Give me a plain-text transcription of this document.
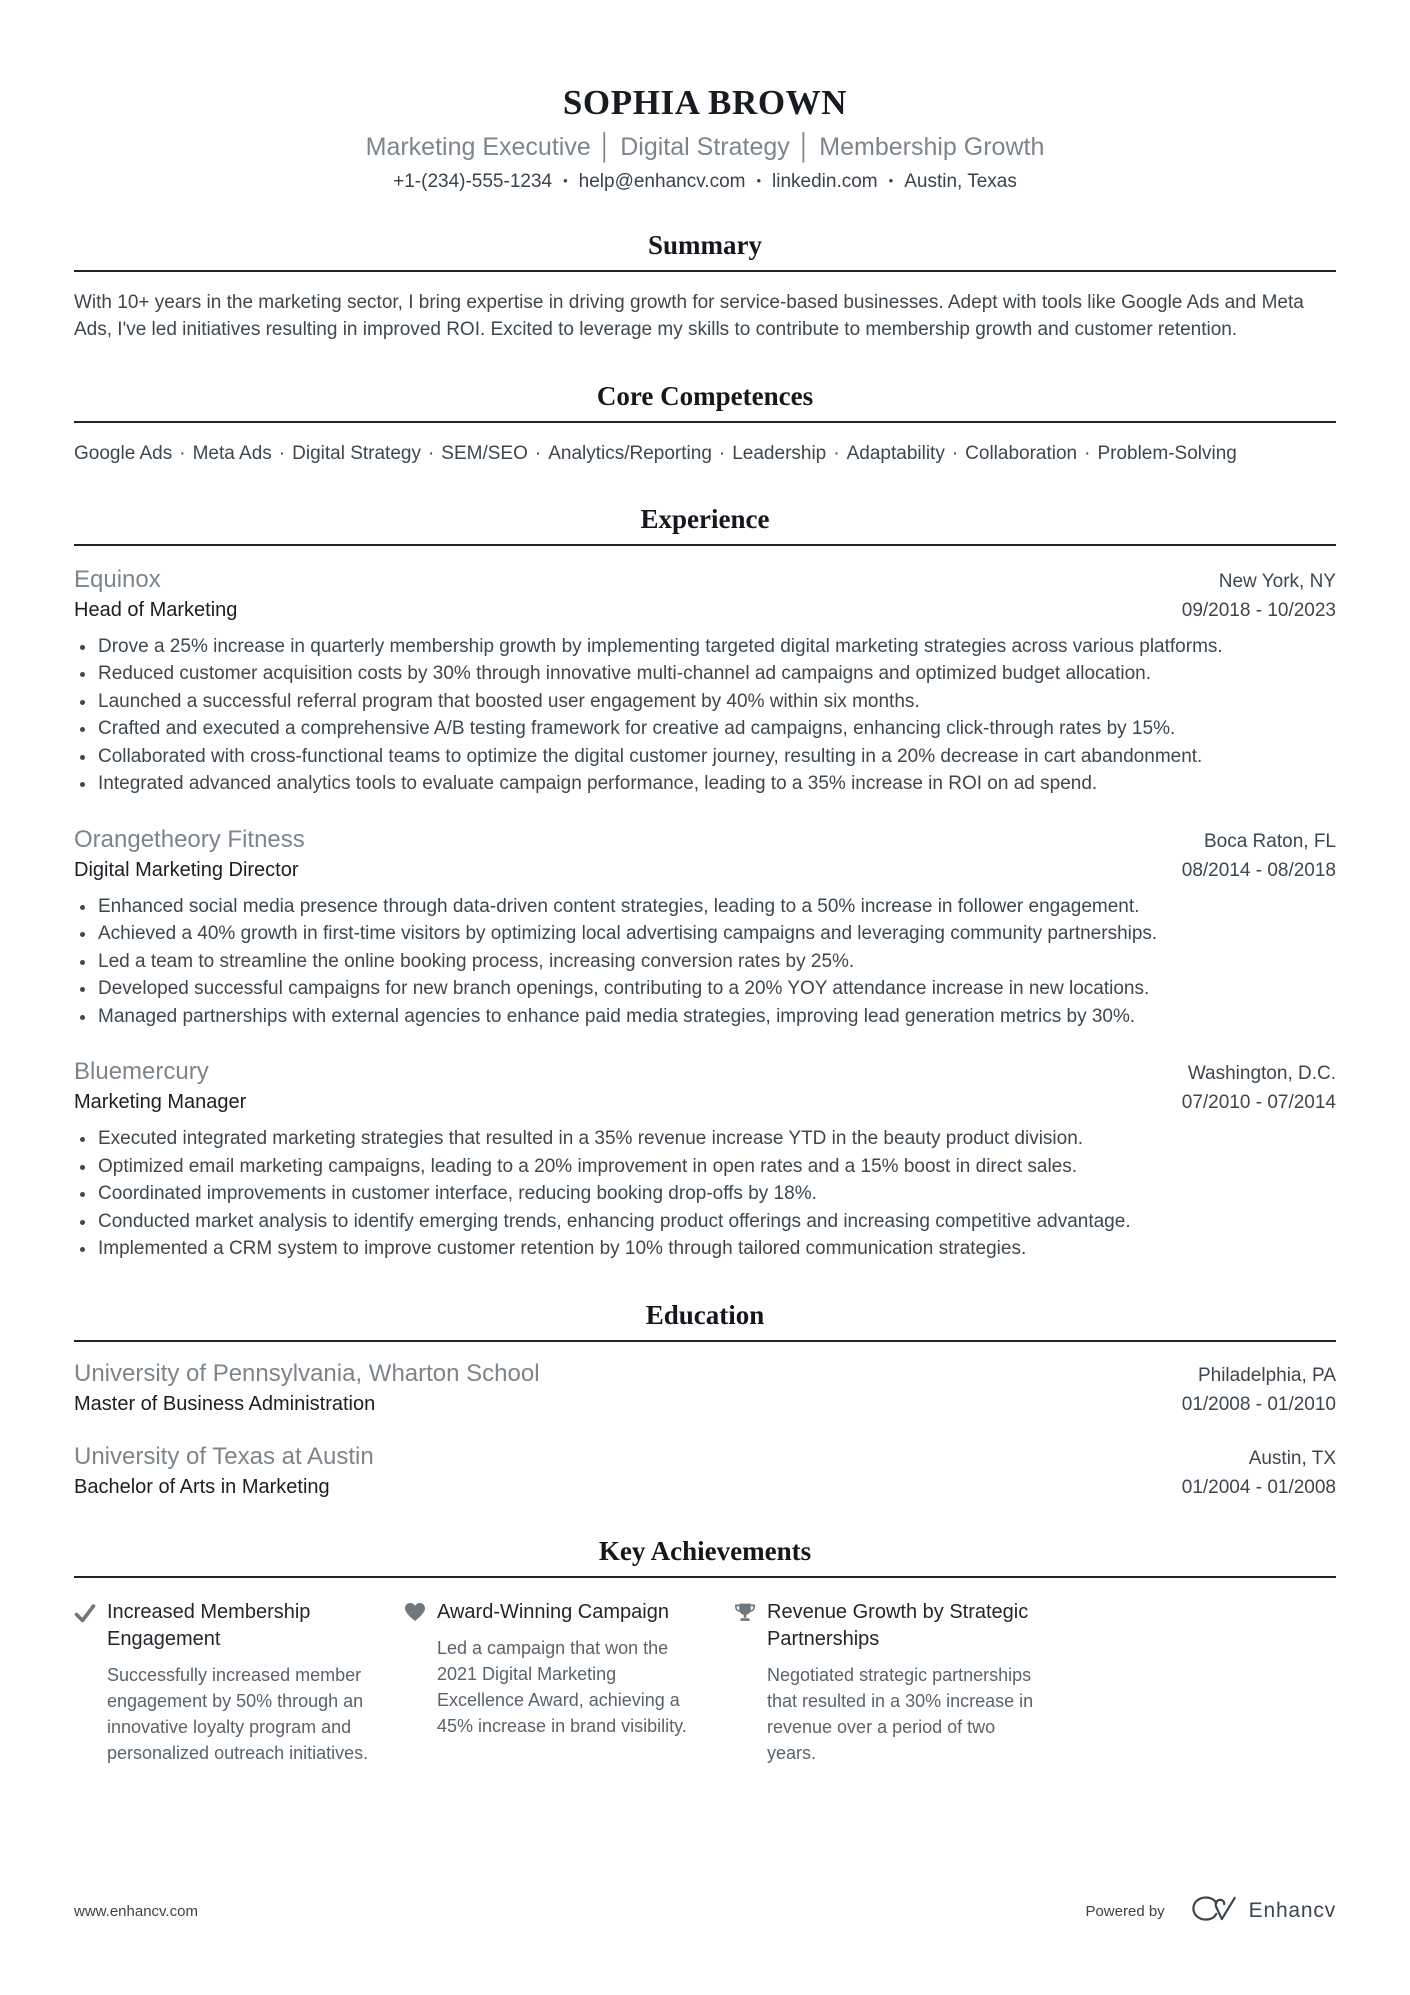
SOPHIA BROWN
Marketing Executive │ Digital Strategy │ Membership Growth
+1-(234)-555-1234 • help@enhancv.com • linkedin.com • Austin, Texas
Summary
With 10+ years in the marketing sector, I bring expertise in driving growth for service-based businesses. Adept with tools like Google Ads and Meta Ads, I've led initiatives resulting in improved ROI. Excited to leverage my skills to contribute to membership growth and customer retention.
Core Competences
Google Ads · Meta Ads · Digital Strategy · SEM/SEO · Analytics/Reporting · Leadership · Adaptability · Collaboration · Problem-Solving
Experience
Equinox	New York, NY
Head of Marketing	09/2018 - 10/2023
• Drove a 25% increase in quarterly membership growth by implementing targeted digital marketing strategies across various platforms.
• Reduced customer acquisition costs by 30% through innovative multi-channel ad campaigns and optimized budget allocation.
• Launched a successful referral program that boosted user engagement by 40% within six months.
• Crafted and executed a comprehensive A/B testing framework for creative ad campaigns, enhancing click-through rates by 15%.
• Collaborated with cross-functional teams to optimize the digital customer journey, resulting in a 20% decrease in cart abandonment.
• Integrated advanced analytics tools to evaluate campaign performance, leading to a 35% increase in ROI on ad spend.
Orangetheory Fitness	Boca Raton, FL
Digital Marketing Director	08/2014 - 08/2018
• Enhanced social media presence through data-driven content strategies, leading to a 50% increase in follower engagement.
• Achieved a 40% growth in first-time visitors by optimizing local advertising campaigns and leveraging community partnerships.
• Led a team to streamline the online booking process, increasing conversion rates by 25%.
• Developed successful campaigns for new branch openings, contributing to a 20% YOY attendance increase in new locations.
• Managed partnerships with external agencies to enhance paid media strategies, improving lead generation metrics by 30%.
Bluemercury	Washington, D.C.
Marketing Manager	07/2010 - 07/2014
• Executed integrated marketing strategies that resulted in a 35% revenue increase YTD in the beauty product division.
• Optimized email marketing campaigns, leading to a 20% improvement in open rates and a 15% boost in direct sales.
• Coordinated improvements in customer interface, reducing booking drop-offs by 18%.
• Conducted market analysis to identify emerging trends, enhancing product offerings and increasing competitive advantage.
• Implemented a CRM system to improve customer retention by 10% through tailored communication strategies.
Education
University of Pennsylvania, Wharton School	Philadelphia, PA
Master of Business Administration	01/2008 - 01/2010
University of Texas at Austin	Austin, TX
Bachelor of Arts in Marketing	01/2004 - 01/2008
Key Achievements
Increased Membership Engagement
Successfully increased member engagement by 50% through an innovative loyalty program and personalized outreach initiatives.
Award-Winning Campaign
Led a campaign that won the 2021 Digital Marketing Excellence Award, achieving a 45% increase in brand visibility.
Revenue Growth by Strategic Partnerships
Negotiated strategic partnerships that resulted in a 30% increase in revenue over a period of two years.
www.enhancv.com	Powered by	Enhancv
